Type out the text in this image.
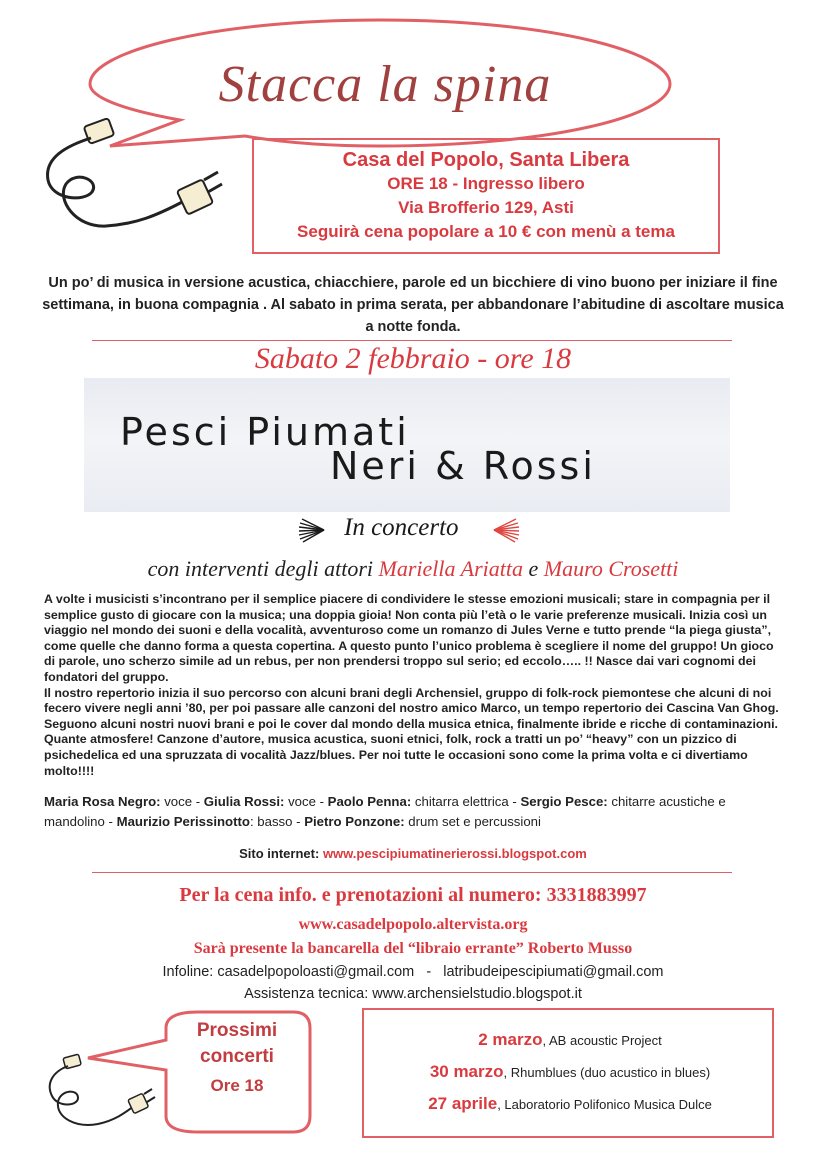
Stacca la spina
Casa del Popolo, Santa Libera
ORE 18 - Ingresso libero
Via Brofferio 129, Asti
Seguirà cena popolare a 10 € con menù a tema
Un po’ di musica in versione acustica, chiacchiere, parole ed un bicchiere di vino buono per iniziare il fine settimana, in buona compagnia . Al sabato in prima serata, per abbandonare l’abitudine di ascoltare musica a notte fonda.
Sabato 2 febbraio - ore 18
Pesci Piumati
Neri & Rossi
In concerto
con interventi degli attori Mariella Ariatta e Mauro Crosetti

A volte i musicisti s’incontrano per il semplice piacere di condividere le stesse emozioni musicali; stare in compagnia per il semplice gusto di giocare con la musica; una doppia gioia! Non conta più l’età o le varie preferenze musicali. Inizia così un viaggio nel mondo dei suoni e della vocalità, avventuroso come un romanzo di Jules Verne e tutto prende “la piega giusta”, come quelle che danno forma a questa copertina. A questo punto l’unico problema è scegliere il nome del gruppo! Un gioco di parole, uno scherzo simile ad un rebus, per non prendersi troppo sul serio; ed eccolo….. !! Nasce dai vari cognomi dei fondatori del gruppo.

Il nostro repertorio inizia il suo percorso con alcuni brani degli Archensiel, gruppo di folk-rock piemontese che alcuni di noi fecero vivere negli anni ’80, per poi passare alle canzoni del nostro amico Marco, un tempo repertorio dei Cascina Van Ghog. Seguono alcuni nostri nuovi brani e poi le cover dal mondo della musica etnica, finalmente ibride e ricche di contaminazioni. Quante atmosfere! Canzone d’autore, musica acustica, suoni etnici, folk, rock a tratti un po’ “heavy” con un pizzico di psichedelica ed una spruzzata di vocalità Jazz/blues. Per noi tutte le occasioni sono come la prima volta e ci divertiamo molto!!!!

Maria Rosa Negro: voce - Giulia Rossi: voce - Paolo Penna: chitarra elettrica - Sergio Pesce: chitarre acustiche e mandolino - Maurizio Perissinotto: basso - Pietro Ponzone: drum set e percussioni
Sito internet: www.pescipiumatinerierossi.blogspot.com
Per la cena info. e prenotazioni al numero: 3331883997
www.casadelpopolo.altervista.org
Sarà presente la bancarella del “libraio errante” Roberto Musso
Infoline: casadelpopoloasti@gmail.com   -   latribudeipescipiumati@gmail.com
Assistenza tecnica: www.archensielstudio.blogspot.it
Prossimi
concerti
Ore 18
2 marzo, AB acoustic Project
30 marzo, Rhumblues (duo acustico in blues)
27 aprile, Laboratorio Polifonico Musica Dulce
